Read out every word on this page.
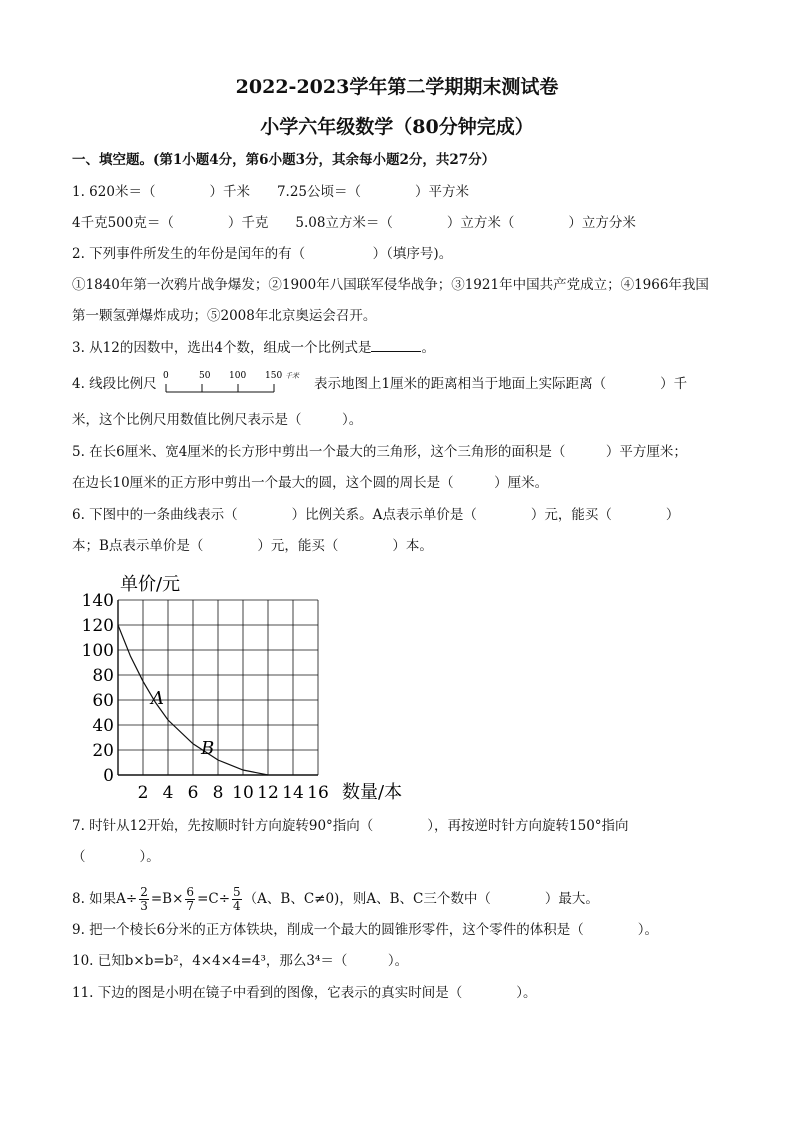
2022-2023学年第二学期期末测试卷
小学六年级数学（80分钟完成）
一、填空题。(第1小题4分，第6小题3分，其余每小题2分，共27分）
1. 620米＝（　　　　）千米　　7.25公顷＝（　　　　）平方米
4千克500克＝（　　　　）千克　　5.08立方米＝（　　　　）立方米（　　　　）立方分米
2. 下列事件所发生的年份是闰年的有（　　　　　）（填序号)。
①1840年第一次鸦片战争爆发；②1900年八国联军侵华战争；③1921年中国共产党成立；④1966年我国
第一颗氢弹爆炸成功；⑤2008年北京奥运会召开。
3. 从12的因数中，选出4个数，组成一个比例式是	。
4. 线段比例尺 0	50 100 150 千米 表示地图上1厘米的距离相当于地面上实际距离（　　　　）千
米，这个比例尺用数值比例尺表示是（　　　）。
5. 在长6厘米、宽4厘米的长方形中剪出一个最大的三角形，这个三角形的面积是（　　　）平方厘米；
在边长10厘米的正方形中剪出一个最大的圆，这个圆的周长是（　　　）厘米。
6. 下图中的一条曲线表示（　　　　）比例关系。A点表示单价是（　　　　）元，能买（　　　　）
本；B点表示单价是（　　　　）元，能买（　　　　）本。
0
20
40
60
80
100
120
140
2 4 6 8 10 12 14 16
单价/元
数量/本
A
B
7. 时针从12开始，先按顺时针方向旋转90°指向（　　　　），再按逆时针方向旋转150°指向
（　　　　）。
8. 如果$A\div \frac{2}{3} =B\times \frac{6}{7} =C\div \frac{5}{4} (A$、B、C≠0)，则A、B、C三个数中（　　　　）最大。
9. 把一个棱长6分米的正方体铁块，削成一个最大的圆锥形零件，这个零件的体积是（　　　　）。
10. 已知b×b=b²，4×4×4=4³，那么3⁴＝（　　　）。
11. 下边的图是小明在镜子中看到的图像，它表示的真实时间是（　　　　）。
